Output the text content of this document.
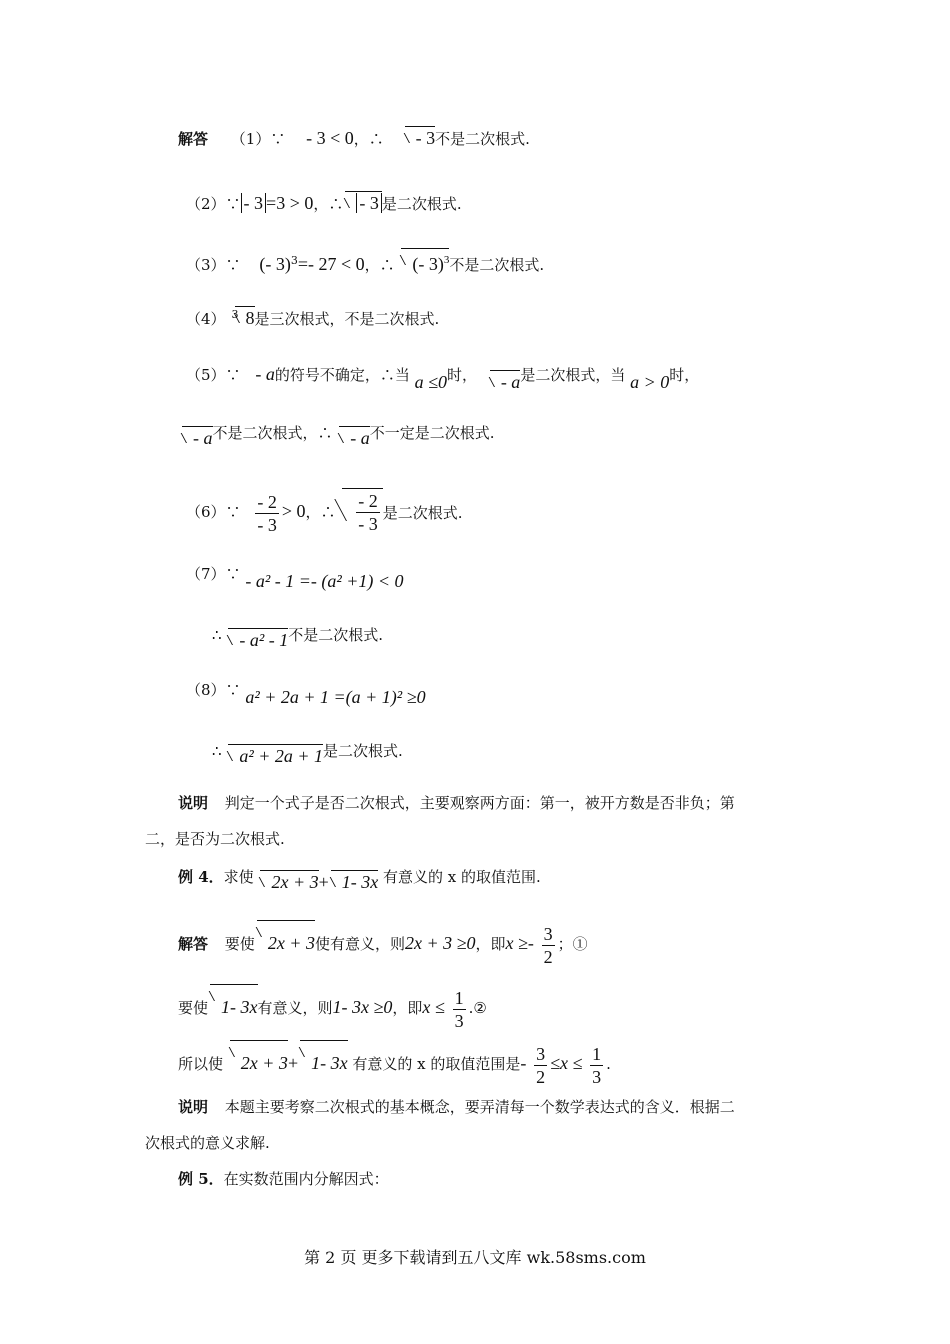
解答 （1）∵ - 3 < 0，∴ - 3不是二次根式.
（2）∵ - 3 =3 > 0，∴ - 3 是二次根式.
（3）∵ (- 3)$^3$=- 27 < 0，∴ (- 3)$^3$不是二次根式.
（4） $^3$ 8是三次根式，不是二次根式.
（5）∵ - a的符号不确定，∴当 a ≤0时， - a是二次根式，当 a > 0时，
- a不是二次根式，∴ - a不一定是二次根式.
（6）∵ $\frac{- 2}{- 3} > 0$，∴ $\frac{- 2}{- 3}$ 是二次根式.
（7）∵ - a² - 1 =- (a² +1) < 0
∴ - a² - 1不是二次根式.
（8）∵ a² + 2a + 1 =(a + 1)² ≥0
∴ a² + 2a + 1是二次根式.
说明 判定一个式子是否二次根式，主要观察两方面：第一，被开方数是否非负；第
二，是否为二次根式.
例 4．求使 2x + 3+ 1- 3x 有意义的 x 的取值范围.
解答 要使 2x + 3使有意义，则2x + 3 ≥0，即$x \ge- \frac{3}{2}$ ；①
要使 1- 3x有意义，则1- 3x ≥0，即$x \le \frac{1}{3}$ .②
所以使 2x + 3+ 1- 3x 有意义的 x 的取值范围是- $\frac{3}{2} \le x \le \frac{1}{3}$ .
说明 本题主要考察二次根式的基本概念，要弄清每一个数学表达式的含义．根据二
次根式的意义求解.
例 5．在实数范围内分解因式：
第 2 页 更多下载请到五八文库 wk.58sms.com
